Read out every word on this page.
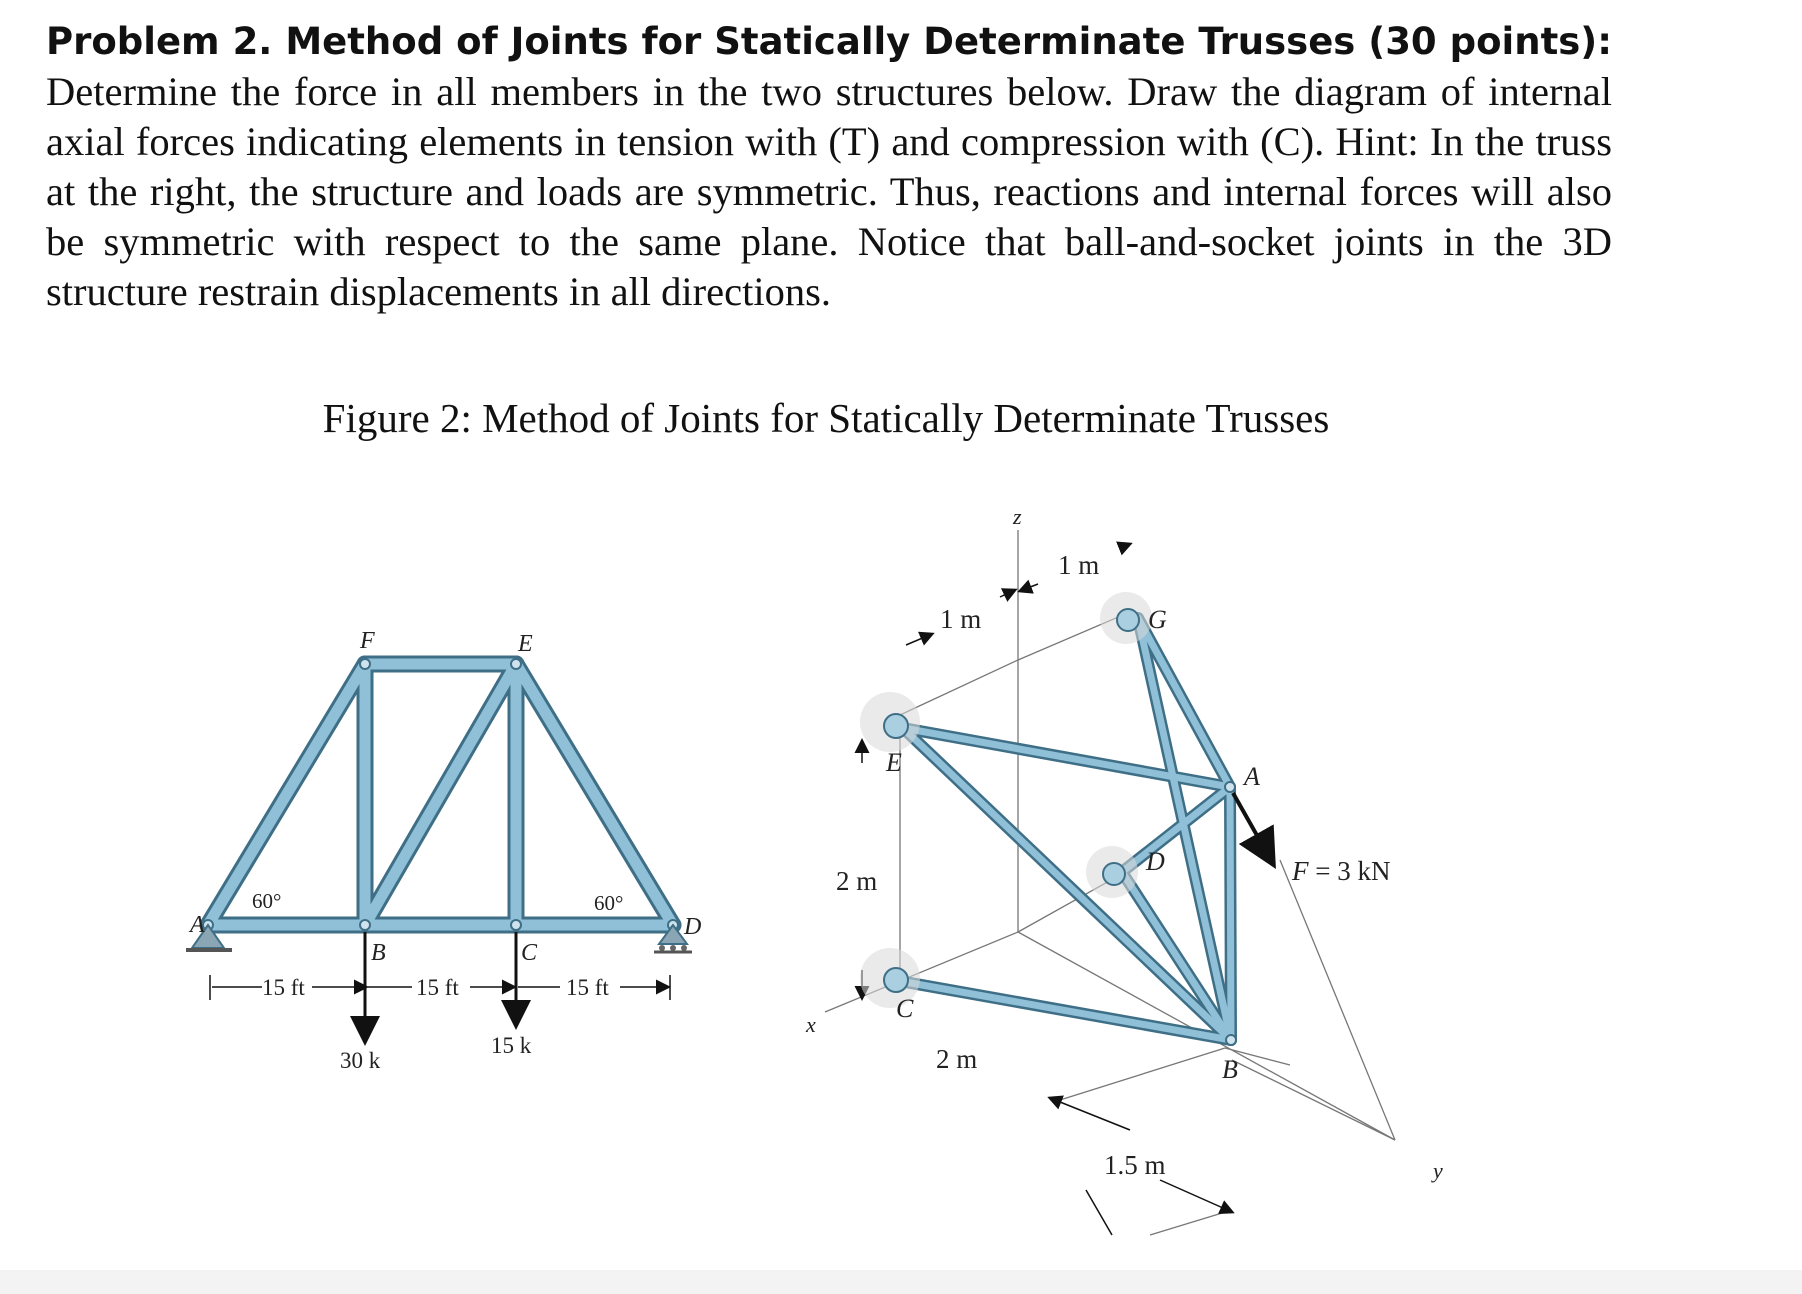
Problem 2. Method of Joints for Statically Determinate Trusses (30 points): Determine the force in all members in the two structures below. Draw the diagram of internal axial forces indicating elements in tension with (T) and compression with (C). Hint: In the truss at the right, the structure and loads are symmetric. Thus, reactions and internal forces will also be symmetric with respect to the same plane. Notice that ball-and-socket joints in the 3D structure restrain displacements in all directions.
Figure 2: Method of Joints for Statically Determinate Trusses
A
B	C
D
E
F
60°	60°
15 ft	15 ft	15 ft
30 k
15 k
F = 3 kN
A
B
C
D
E
G
z
x
y
1 m
1 m
2 m
2 m
1.5 m
